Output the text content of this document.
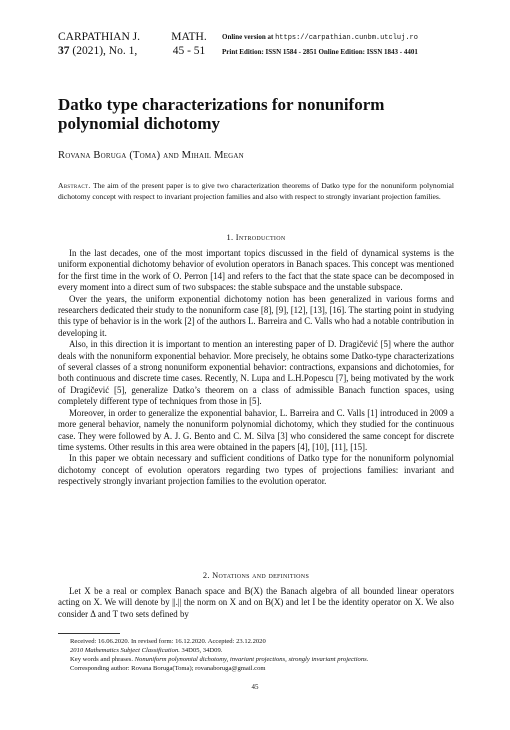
CARPATHIAN J.
37 (2021), No. 1,
MATH.
45 - 51
Online version at https://carpathian.cunbm.utcluj.ro
Print Edition: ISSN 1584 - 2851 Online Edition: ISSN 1843 - 4401
Datko type characterizations for nonuniform polynomial dichotomy
Rovana Boruga (Toma) and Mihail Megan
Abstract. The aim of the present paper is to give two characterization theorems of Datko type for the nonuniform polynomial dichotomy concept with respect to invariant projection families and also with respect to strongly invariant projection families.
1. Introduction

In the last decades, one of the most important topics discussed in the field of dynamical systems is the uniform exponential dichotomy behavior of evolution operators in Banach spaces. This concept was mentioned for the first time in the work of O. Perron [14] and refers to the fact that the state space can be decomposed in every moment into a direct sum of two subspaces: the stable subspace and the unstable subspace.

Over the years, the uniform exponential dichotomy notion has been generalized in various forms and researchers dedicated their study to the nonuniform case [8], [9], [12], [13], [16]. The starting point in studying this type of behavior is in the work [2] of the authors L. Barreira and C. Valls who had a notable contribution in developing it.

Also, in this direction it is important to mention an interesting paper of D. Dragičević [5] where the author deals with the nonuniform exponential behavior. More precisely, he obtains some Datko-type characterizations of several classes of a strong nonuniform exponential behavior: contractions, expansions and dichotomies, for both continuous and discrete time cases. Recently, N. Lupa and L.H.Popescu [7], being motivated by the work of Dragičević [5], generalize Datko’s theorem on a class of admissible Banach function spaces, using completely different type of techniques from those in [5].

Moreover, in order to generalize the exponential bahavior, L. Barreira and C. Valls [1] introduced in 2009 a more general behavior, namely the nonuniform polynomial dichotomy, which they studied for the continuous case. They were followed by A. J. G. Bento and C. M. Silva [3] who considered the same concept for discrete time systems. Other results in this area were obtained in the papers [4], [10], [11], [15].

In this paper we obtain necessary and sufficient conditions of Datko type for the nonuniform polynomial dichotomy concept of evolution operators regarding two types of projections families: invariant and respectively strongly invariant projection families to the evolution operator.

2. Notations and definitions

Let X be a real or complex Banach space and B(X) the Banach algebra of all bounded linear operators acting on X. We will denote by ||.|| the norm on X and on B(X) and let I be the identity operator on X. We also consider Δ and T two sets defined by

Received: 16.06.2020. In revised form: 16.12.2020. Accepted: 23.12.2020
2010 Mathematics Subject Classification. 34D05, 34D09.
Key words and phrases. Nonuniform polynomial dichotomy, invariant projections, strongly invariant projections.
Corresponding author: Rovana Boruga(Toma); rovanaboruga@gmail.com
45
